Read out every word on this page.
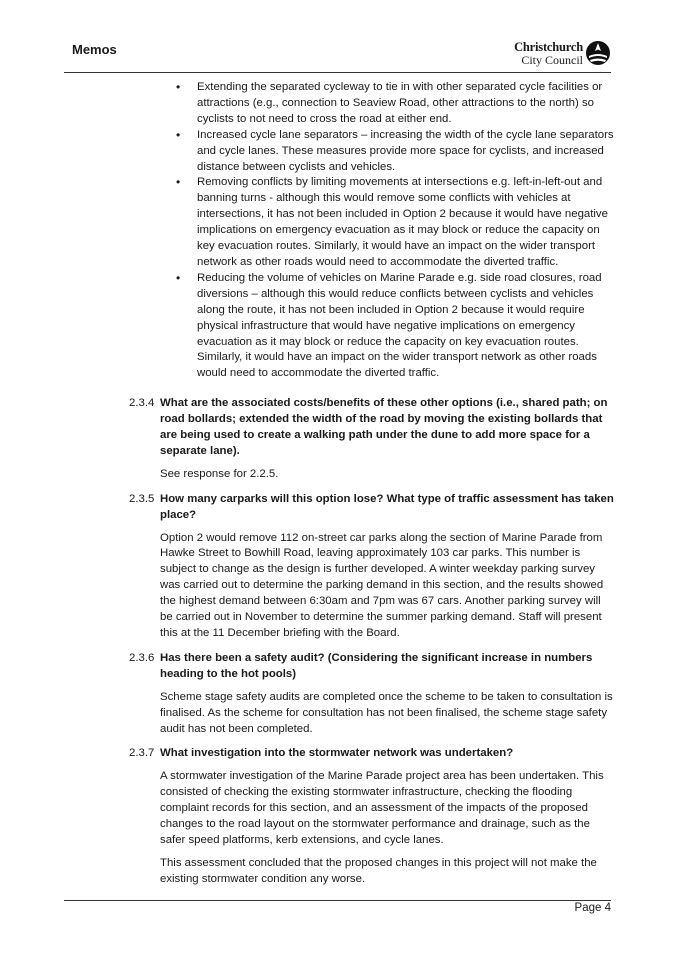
Memos	Christchurch
City Council
• Extending the separated cycleway to tie in with other separated cycle facilities or attractions (e.g., connection to Seaview Road, other attractions to the north) so cyclists to not need to cross the road at either end.
• Increased cycle lane separators – increasing the width of the cycle lane separators and cycle lanes. These measures provide more space for cyclists, and increased distance between cyclists and vehicles.
• Removing conflicts by limiting movements at intersections e.g. left-in-left-out and banning turns - although this would remove some conflicts with vehicles at intersections, it has not been included in Option 2 because it would have negative implications on emergency evacuation as it may block or reduce the capacity on key evacuation routes. Similarly, it would have an impact on the wider transport network as other roads would need to accommodate the diverted traffic.
• Reducing the volume of vehicles on Marine Parade e.g. side road closures, road diversions – although this would reduce conflicts between cyclists and vehicles along the route, it has not been included in Option 2 because it would require physical infrastructure that would have negative implications on emergency evacuation as it may block or reduce the capacity on key evacuation routes. Similarly, it would have an impact on the wider transport network as other roads would need to accommodate the diverted traffic.
2.3.4 What are the associated costs/benefits of these other options (i.e., shared path; on road bollards; extended the width of the road by moving the existing bollards that are being used to create a walking path under the dune to add more space for a separate lane).

See response for 2.2.5.

2.3.5 How many carparks will this option lose? What type of traffic assessment has taken place?

Option 2 would remove 112 on-street car parks along the section of Marine Parade from Hawke Street to Bowhill Road, leaving approximately 103 car parks. This number is subject to change as the design is further developed. A winter weekday parking survey was carried out to determine the parking demand in this section, and the results showed the highest demand between 6:30am and 7pm was 67 cars. Another parking survey will be carried out in November to determine the summer parking demand. Staff will present this at the 11 December briefing with the Board.

2.3.6 Has there been a safety audit? (Considering the significant increase in numbers heading to the hot pools)

Scheme stage safety audits are completed once the scheme to be taken to consultation is finalised. As the scheme for consultation has not been finalised, the scheme stage safety audit has not been completed.

2.3.7 What investigation into the stormwater network was undertaken?

A stormwater investigation of the Marine Parade project area has been undertaken. This consisted of checking the existing stormwater infrastructure, checking the flooding complaint records for this section, and an assessment of the impacts of the proposed changes to the road layout on the stormwater performance and drainage, such as the safer speed platforms, kerb extensions, and cycle lanes.

This assessment concluded that the proposed changes in this project will not make the existing stormwater condition any worse.

Page 4
